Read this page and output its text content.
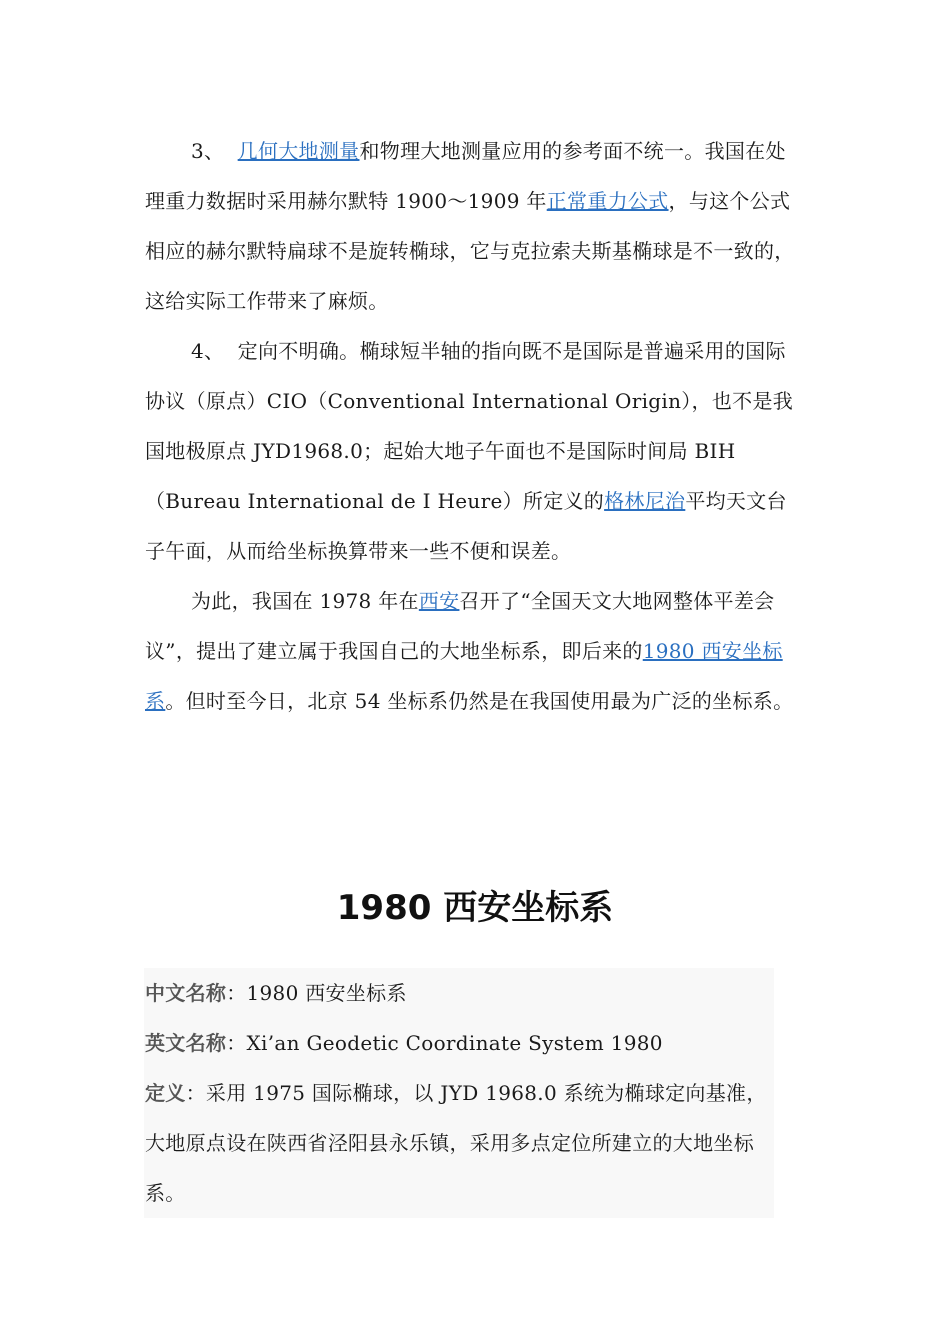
3、 几何大地测量和物理大地测量应用的参考面不统一。我国在处理重力数据时采用赫尔默特 1900～1909 年正常重力公式，与这个公式相应的赫尔默特扁球不是旋转椭球，它与克拉索夫斯基椭球是不一致的，这给实际工作带来了麻烦。

4、 定向不明确。椭球短半轴的指向既不是国际是普遍采用的国际协议（原点）CIO（Conventional International Origin），也不是我国地极原点 JYD1968.0；起始大地子午面也不是国际时间局 BIH（Bureau International de I Heure）所定义的格林尼治平均天文台子午面，从而给坐标换算带来一些不便和误差。

为此，我国在 1978 年在西安召开了“全国天文大地网整体平差会议”，提出了建立属于我国自己的大地坐标系，即后来的1980 西安坐标系。但时至今日，北京 54 坐标系仍然是在我国使用最为广泛的坐标系。

1980 西安坐标系

中文名称：1980 西安坐标系

英文名称：Xi’an Geodetic Coordinate System 1980

定义：采用 1975 国际椭球，以 JYD 1968.0 系统为椭球定向基准，大地原点设在陕西省泾阳县永乐镇，采用多点定位所建立的大地坐标系。
